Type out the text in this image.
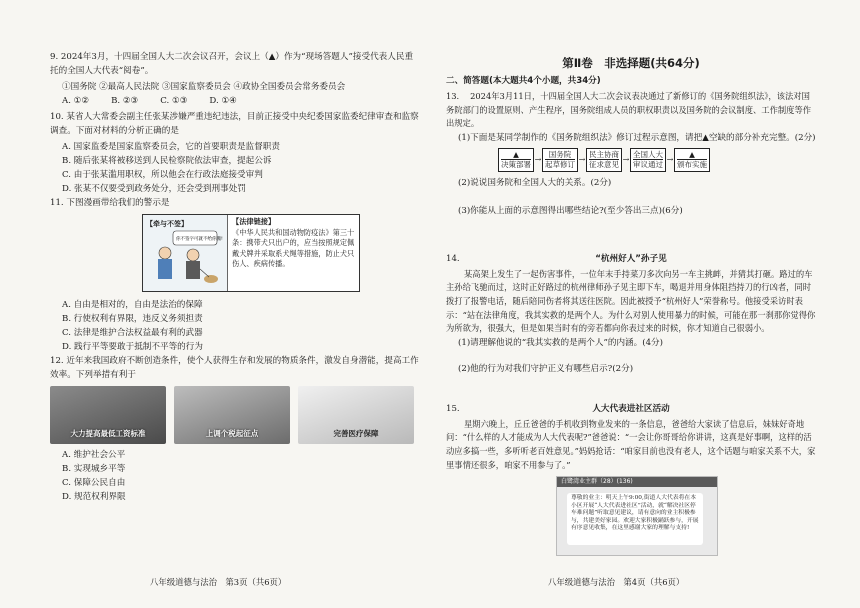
9. 2024年3月，十四届全国人大二次会议召开，会议上（▲）作为“现场答题人”接受代表人民重托的全国人大代表“阅卷”。

①国务院 ②最高人民法院 ③国家监察委员会 ④政协全国委员会常务委员会

A. ①②	B. ②③	C. ①③	D. ①④

10. 某省人大常委会副主任张某涉嫌严重违纪违法，目前正接受中央纪委国家监委纪律审查和监察调查。下面对材料的分析正确的是

A. 国家监委是国家监察委员会，它的首要职责是监督职责

B. 随后张某将被移送到人民检察院依法审查，提起公诉

C. 由于张某滥用职权，所以他会在行政法庭接受审判

D. 张某不仅要受到政务处分，还会受到刑事处罚

11. 下图漫画带给我们的警示是

【牵与不签】
你不签字可就不给你搬!
【法律链接】
《中华人民共和国动物防疫法》第三十条：携带犬只出户的，应当按照规定佩戴犬牌并采取系犬绳等措施，防止犬只伤人、疾病传播。

A. 自由是相对的，自由是法治的保障

B. 行使权利有界限，违反义务须担责

C. 法律是维护合法权益最有利的武器

D. 践行平等要敢于抵制不平等的行为

12. 近年来我国政府不断创造条件，使个人获得生存和发展的物质条件，激发自身潜能，提高工作效率。下列举措有利于

大力提高最低工资标准	上调个税起征点	完善医疗保障

A. 维护社会公平

B. 实现城乡平等

C. 保障公民自由

D. 规范权利界限

第Ⅱ卷　非选择题(共64分)
二、简答题(本大题共4个小题，共34分)

13.　 2024年3月11日，十四届全国人大二次会议表决通过了新修订的《国务院组织法》，该法对国务院部门的设置原则、产生程序，国务院组成人员的职权职责以及国务院的会议制度、工作制度等作出规定。

(1)下面是某同学制作的《国务院组织法》修订过程示意图，请把▲空缺的部分补充完整。(2分)

▲
决策部署
→
国务院
起草修订
→
民主协商
征求意见
→
全国人大
审议通过
→
▲
颁布实施

(2)说说国务院和全国人大的关系。(2分)

(3)你能从上面的示意图得出哪些结论?(至少答出三点)(6分)

14.	“杭州好人”孙子见

某高架上发生了一起伤害事件，一位年末手持菜刀多次向另一车主挑衅，并猜其打砸。路过的车主孙给飞驰而过，这时正好路过的杭州律师孙子见主即下车，喝退并用身体阻挡持刀的行凶者，同时拨打了报警电话，随后陪同伤者将其送往医院。因此被授予“杭州好人”荣誉称号。他接受采访时表示：“站在法律角度，我其实救的是两个人。为什么对别人使用暴力的时候，可能在那一刹那你觉得你为所欲为，很强大，但是如果当时有的旁若都向你表过来的时候，你才知道自己很弱小。

(1)请理解他说的“我其实救的是两个人”的内涵。(4分)

(2)他的行为对我们守护正义有哪些启示?(2分)

15.	人大代表进社区活动

星期六晚上，丘丘爸爸的手机收到物业发来的一条信息，爸爸给大家读了信息后，妹妹好奇地问：“什么样的人才能成为人大代表呢?”爸爸说：“一会让你哥哥给你讲讲，这真是好事啊，这样的活动应多搞一些，多听听老百姓意见。”妈妈抢话：“咱家目前也没有老人，这个话题与咱家关系不大，家里事情还很多，咱家不用参与了。”

白鹭湾业主群（28）(136)
尊敬的业主：明天上午9:00,街道人大代表将在本小区开展“人大代表进社区”活动，就“解决社区停车难问题”听取意见建议，请有意向的业主积极参与，共建美好家园。欢迎大家积极踊跃参与，开展有序意见收集，在这里感谢大家的理解与支持!
八年级道德与法治　第3页（共6页）	八年级道德与法治　第4页（共6页）
